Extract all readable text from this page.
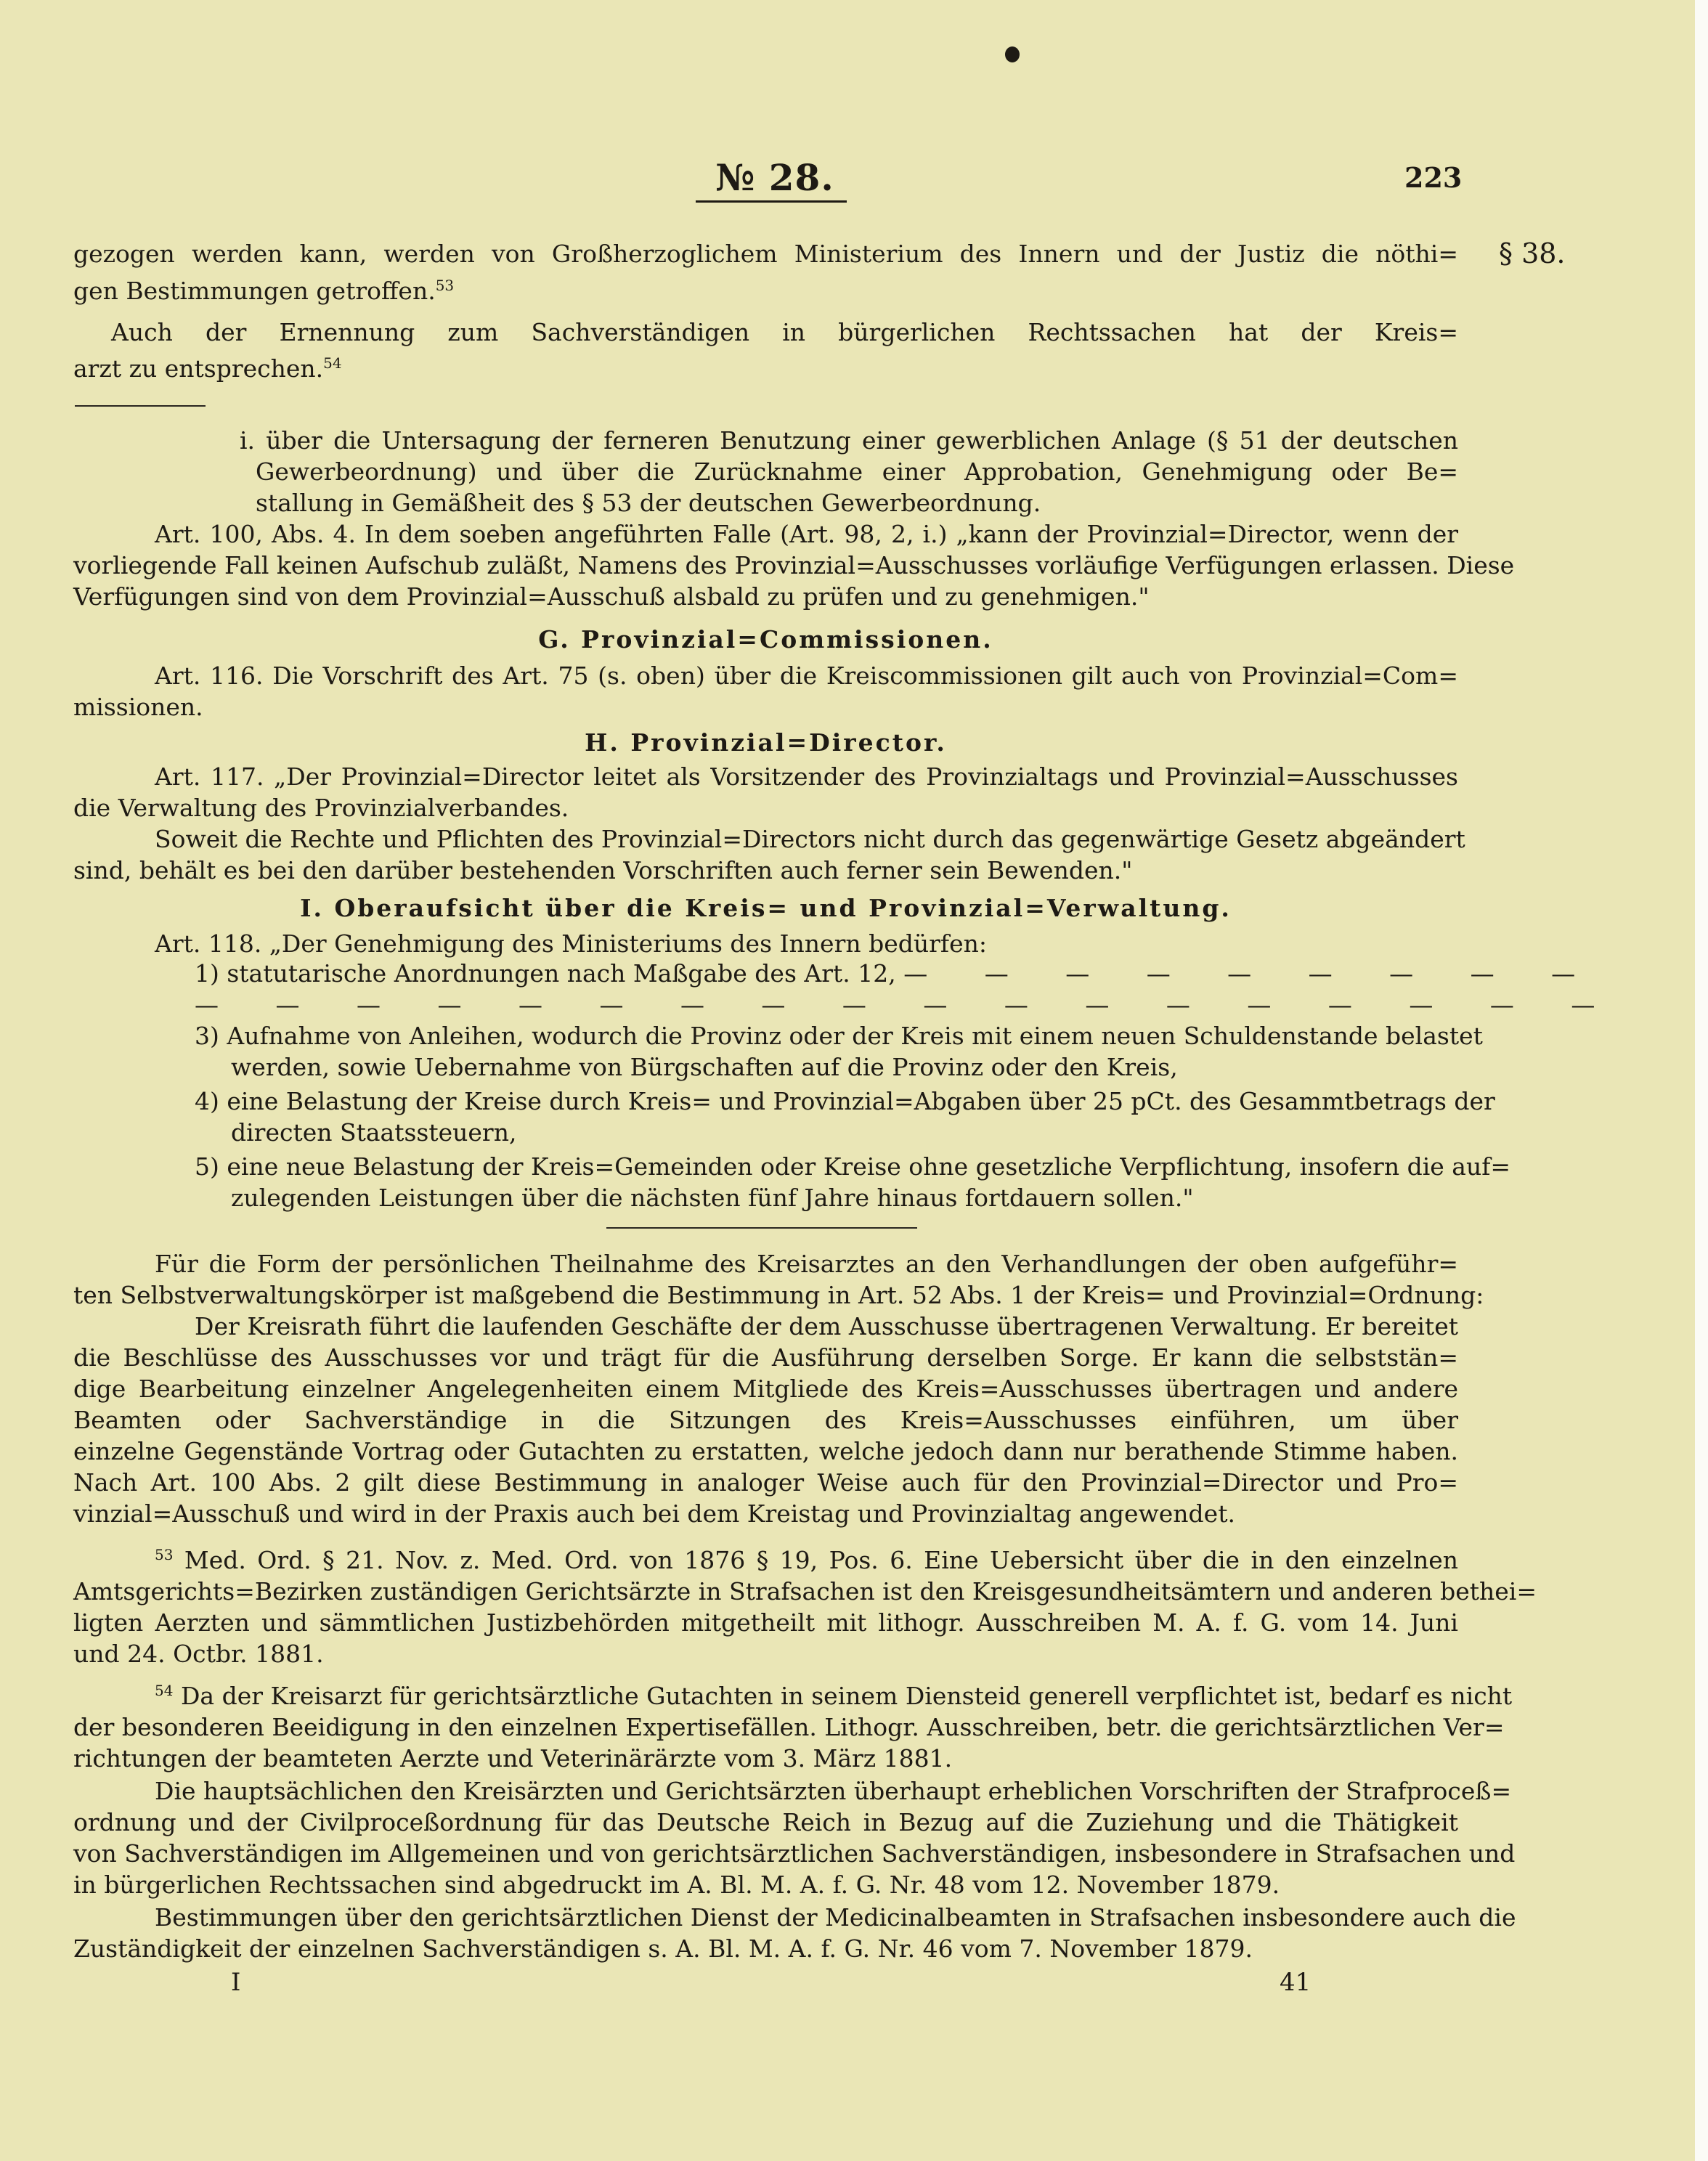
№ 28.	223
§ 38.

gezogen werden kann, werden von Großherzoglichem Ministerium des Innern und der Justiz die nöthi=

gen Bestimmungen getroffen.$^{53}$

Auch der Ernennung zum Sachverständigen in bürgerlichen Rechtssachen hat der Kreis=

arzt zu entsprechen.$^{54}$

i. über die Untersagung der ferneren Benutzung einer gewerblichen Anlage (§ 51 der deutschen

Gewerbeordnung) und über die Zurücknahme einer Approbation, Genehmigung oder Be=

stallung in Gemäßheit des § 53 der deutschen Gewerbeordnung.

Art. 100, Abs. 4. In dem soeben angeführten Falle (Art. 98, 2, i.) „kann der Provinzial=Director, wenn der

vorliegende Fall keinen Aufschub zuläßt, Namens des Provinzial=Ausschusses vorläufige Verfügungen erlassen. Diese

Verfügungen sind von dem Provinzial=Ausschuß alsbald zu prüfen und zu genehmigen."

G. Provinzial=Commissionen.

Art. 116. Die Vorschrift des Art. 75 (s. oben) über die Kreiscommissionen gilt auch von Provinzial=Com=

missionen.

H. Provinzial=Director.

Art. 117. „Der Provinzial=Director leitet als Vorsitzender des Provinzialtags und Provinzial=Ausschusses

die Verwaltung des Provinzialverbandes.

Soweit die Rechte und Pflichten des Provinzial=Directors nicht durch das gegenwärtige Gesetz abgeändert

sind, behält es bei den darüber bestehenden Vorschriften auch ferner sein Bewenden."

I. Oberaufsicht über die Kreis= und Provinzial=Verwaltung.

Art. 118. „Der Genehmigung des Ministeriums des Innern bedürfen:

1) statutarische Anordnungen nach Maßgabe des Art. 12, — — — — — — — — —

— — — — — — — — — — — — — — — — — —

3) Aufnahme von Anleihen, wodurch die Provinz oder der Kreis mit einem neuen Schuldenstande belastet

werden, sowie Uebernahme von Bürgschaften auf die Provinz oder den Kreis,

4) eine Belastung der Kreise durch Kreis= und Provinzial=Abgaben über 25 pCt. des Gesammtbetrags der

directen Staatssteuern,

5) eine neue Belastung der Kreis=Gemeinden oder Kreise ohne gesetzliche Verpflichtung, insofern die auf=

zulegenden Leistungen über die nächsten fünf Jahre hinaus fortdauern sollen."

Für die Form der persönlichen Theilnahme des Kreisarztes an den Verhandlungen der oben aufgeführ=

ten Selbstverwaltungskörper ist maßgebend die Bestimmung in Art. 52 Abs. 1 der Kreis= und Provinzial=Ordnung:

Der Kreisrath führt die laufenden Geschäfte der dem Ausschusse übertragenen Verwaltung. Er bereitet

die Beschlüsse des Ausschusses vor und trägt für die Ausführung derselben Sorge. Er kann die selbststän=

dige Bearbeitung einzelner Angelegenheiten einem Mitgliede des Kreis=Ausschusses übertragen und andere

Beamten oder Sachverständige in die Sitzungen des Kreis=Ausschusses einführen, um über

einzelne Gegenstände Vortrag oder Gutachten zu erstatten, welche jedoch dann nur berathende Stimme haben.

Nach Art. 100 Abs. 2 gilt diese Bestimmung in analoger Weise auch für den Provinzial=Director und Pro=

vinzial=Ausschuß und wird in der Praxis auch bei dem Kreistag und Provinzialtag angewendet.

$^{53}$ Med. Ord. § 21. Nov. z. Med. Ord. von 1876 § 19, Pos. 6. Eine Uebersicht über die in den einzelnen

Amtsgerichts=Bezirken zuständigen Gerichtsärzte in Strafsachen ist den Kreisgesundheitsämtern und anderen bethei=

ligten Aerzten und sämmtlichen Justizbehörden mitgetheilt mit lithogr. Ausschreiben M. A. f. G. vom 14. Juni

und 24. Octbr. 1881.

$^{54}$ Da der Kreisarzt für gerichtsärztliche Gutachten in seinem Diensteid generell verpflichtet ist, bedarf es nicht

der besonderen Beeidigung in den einzelnen Expertisefällen. Lithogr. Ausschreiben, betr. die gerichtsärztlichen Ver=

richtungen der beamteten Aerzte und Veterinärärzte vom 3. März 1881.

Die hauptsächlichen den Kreisärzten und Gerichtsärzten überhaupt erheblichen Vorschriften der Strafproceß=

ordnung und der Civilproceßordnung für das Deutsche Reich in Bezug auf die Zuziehung und die Thätigkeit

von Sachverständigen im Allgemeinen und von gerichtsärztlichen Sachverständigen, insbesondere in Strafsachen und

in bürgerlichen Rechtssachen sind abgedruckt im A. Bl. M. A. f. G. Nr. 48 vom 12. November 1879.

Bestimmungen über den gerichtsärztlichen Dienst der Medicinalbeamten in Strafsachen insbesondere auch die

Zuständigkeit der einzelnen Sachverständigen s. A. Bl. M. A. f. G. Nr. 46 vom 7. November 1879.

I	41
